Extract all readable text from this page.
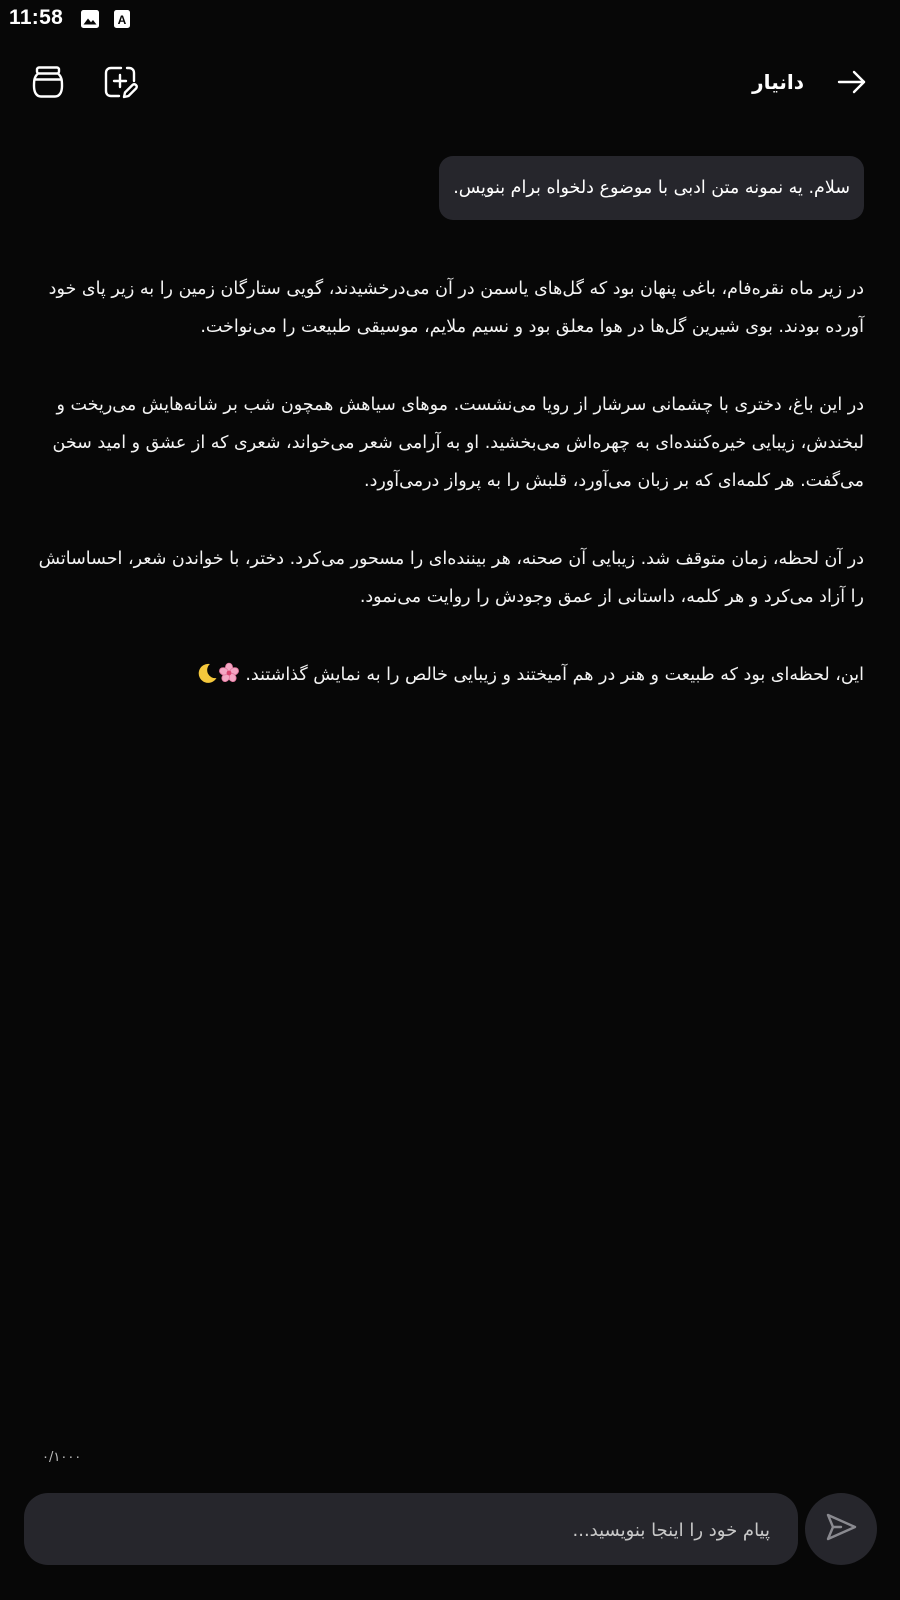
11:58	A
دانیار
سلام. یه نمونه متن ادبی با موضوع دلخواه برام بنویس.

در زیر ماه نقره‌فام، باغی پنهان بود که گل‌های یاسمن در آن می‌درخشیدند، گویی ستارگان زمین را به زیر پای خود آورده بودند. بوی شیرین گل‌ها در هوا معلق بود و نسیم ملایم، موسیقی طبیعت را می‌نواخت.

در این باغ، دختری با چشمانی سرشار از رویا می‌نشست. موهای سیاهش همچون شب بر شانه‌هایش می‌ریخت و لبخندش، زیبایی خیره‌کننده‌ای به چهره‌اش می‌بخشید. او به آرامی شعر می‌خواند، شعری که از عشق و امید سخن می‌گفت. هر کلمه‌ای که بر زبان می‌آورد، قلبش را به پرواز درمی‌آورد.

در آن لحظه، زمان متوقف شد. زیبایی آن صحنه، هر بیننده‌ای را مسحور می‌کرد. دختر، با خواندن شعر، احساساتش را آزاد می‌کرد و هر کلمه، داستانی از عمق وجودش را روایت می‌نمود.

این، لحظه‌ای بود که طبیعت و هنر در هم آمیختند و زیبایی خالص را به نمایش گذاشتند.

۰/۱۰۰۰
پیام خود را اینجا بنویسید...
